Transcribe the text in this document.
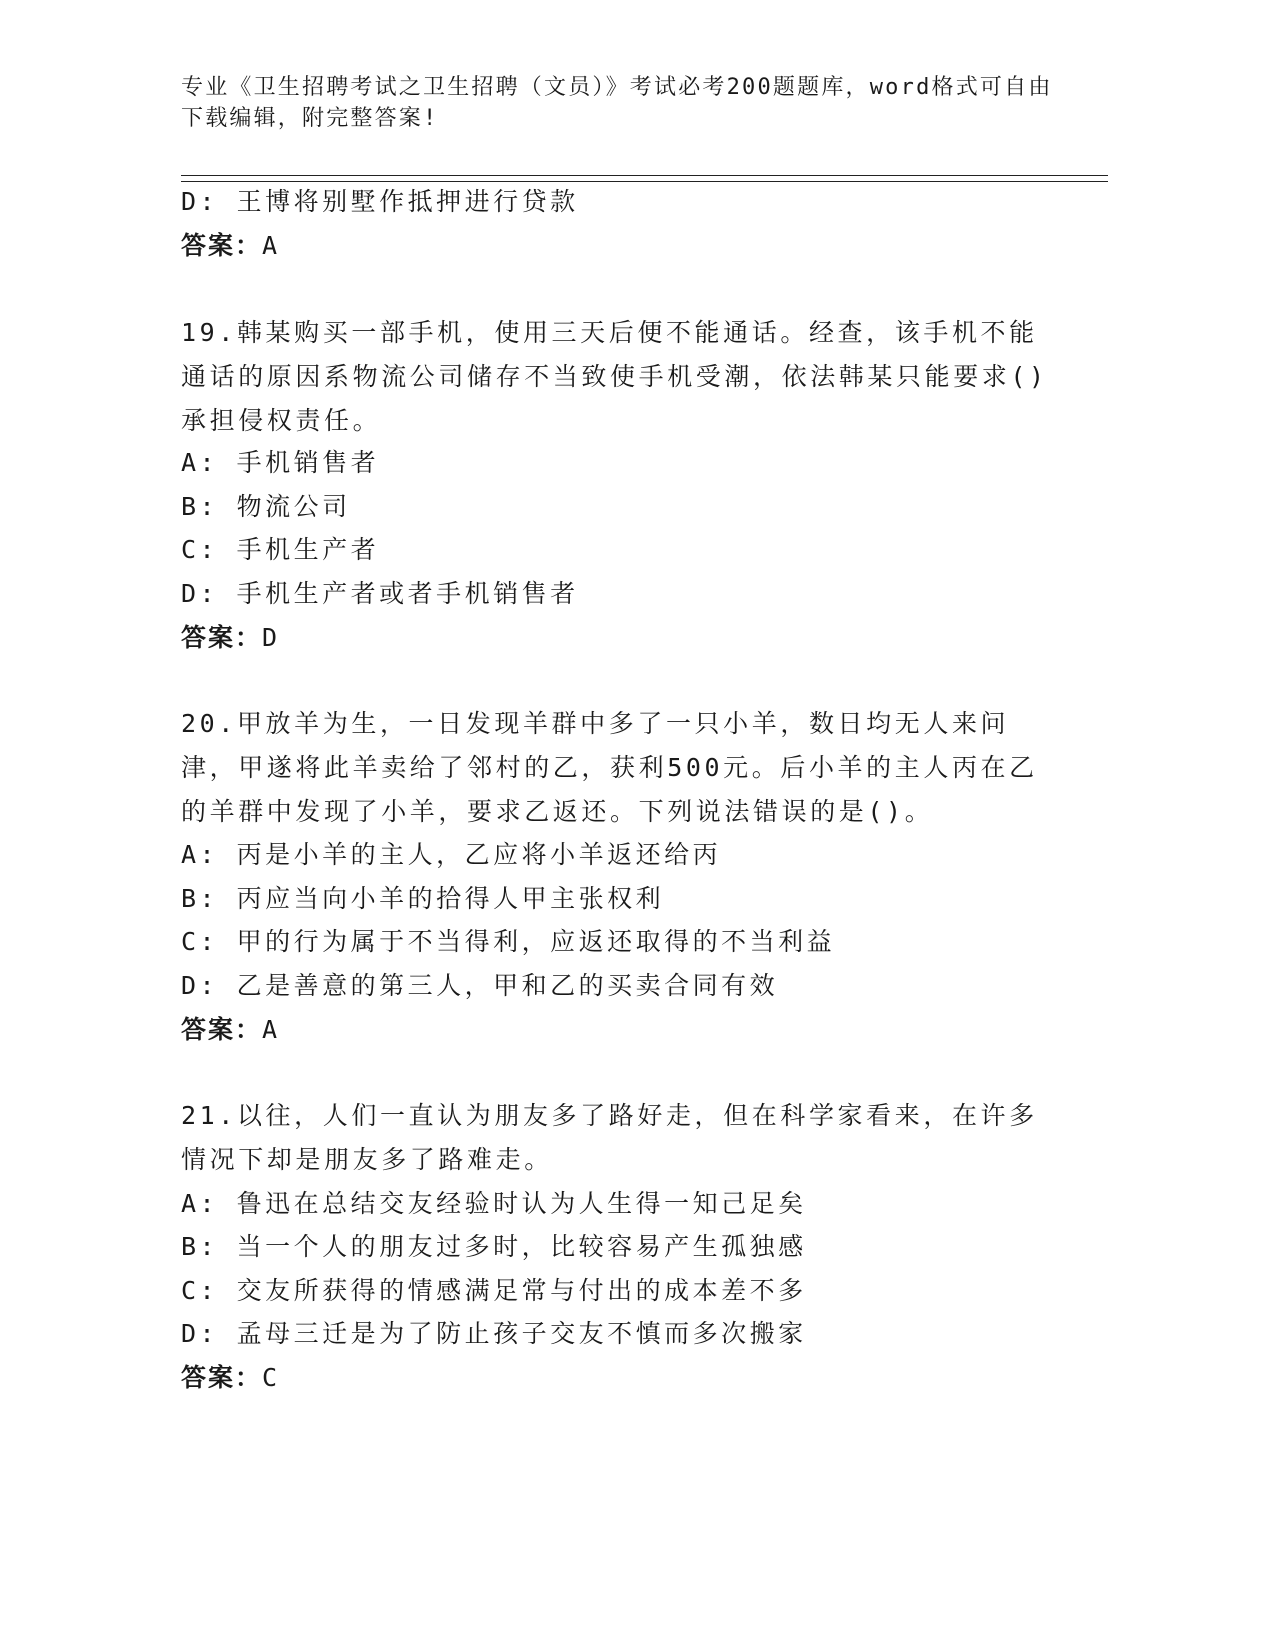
专业《卫生招聘考试之卫生招聘（文员）》考试必考200题题库，word格式可自由下载编辑，附完整答案!
D: 王博将别墅作抵押进行贷款
答案：A
19.韩某购买一部手机，使用三天后便不能通话。经查，该手机不能通话的原因系物流公司储存不当致使手机受潮，依法韩某只能要求()承担侵权责任。
A: 手机销售者
B: 物流公司
C: 手机生产者
D: 手机生产者或者手机销售者
答案：D
20.甲放羊为生，一日发现羊群中多了一只小羊，数日均无人来问津，甲遂将此羊卖给了邻村的乙，获利500元。后小羊的主人丙在乙的羊群中发现了小羊，要求乙返还。下列说法错误的是()。
A: 丙是小羊的主人，乙应将小羊返还给丙
B: 丙应当向小羊的拾得人甲主张权利
C: 甲的行为属于不当得利，应返还取得的不当利益
D: 乙是善意的第三人，甲和乙的买卖合同有效
答案：A
21.以往，人们一直认为朋友多了路好走，但在科学家看来，在许多情况下却是朋友多了路难走。
A: 鲁迅在总结交友经验时认为人生得一知己足矣
B: 当一个人的朋友过多时，比较容易产生孤独感
C: 交友所获得的情感满足常与付出的成本差不多
D: 孟母三迁是为了防止孩子交友不慎而多次搬家
答案：C
